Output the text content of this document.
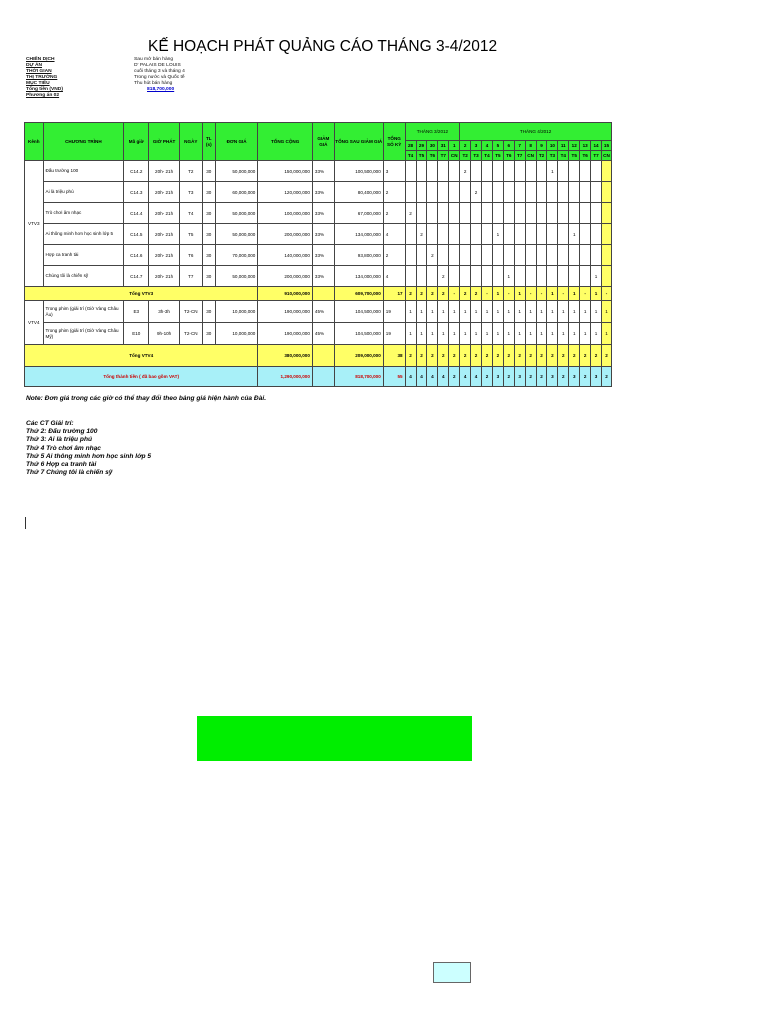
KẾ HOẠCH PHÁT QUẢNG CÁO THÁNG 3-4/2012
CHIẾN DỊCH	Sau mở bán hàng
DỰ ÁN	D' PALAIS DE LOUIS
THỜI GIAN	cuối tháng 3 và tháng 4
THỊ TRƯỜNG	Trong nước và Quốc tế
MỤC TIÊU	Thu hút bán hàng
Tổng tiền (VND)	818,700,000
Phương án 02
Kênh	CHƯƠNG TRÌNH	Mã giờ	GIỜ PHÁT	NGÀY	TL (s)	ĐƠN GIÁ	TỔNG CỘNG	GIẢM GIÁ	TỔNG SAU GIẢM GIÁ	TỔNG SỐ KỲ	THÁNG 3/2012					THÁNG 4/2012													
											28	29	30	31	1	2	3	4	5	6	7	8	9	10	11	12	13	14	15
											T4	T5	T6	T7	CN	T2	T3	T4	T5	T6	T7	CN	T2	T3	T4	T5	T6	T7	CN
VTV3	Đấu trường 100	C14.2	20h- 21h	T2	30	50,000,000	150,000,000	33%	100,500,000	3						2								1					
	Ai là triệu phú	C14.3	20h- 21h	T3	30	60,000,000	120,000,000	33%	80,400,000	2							2												
	Trò chơi âm nhạc	C14.4	20h- 21h	T4	30	50,000,000	100,000,000	33%	67,000,000	2	2																		
	Ai thông minh hơn học sinh lớp 5	C14.5	20h- 21h	T5	30	50,000,000	200,000,000	33%	134,000,000	4		2							1							1			
	Hợp ca tranh tài	C14.6	20h- 21h	T6	30	70,000,000	140,000,000	33%	93,800,000	2			2																
	Chúng tôi là chiến sỹ	C14.7	20h- 21h	T7	30	50,000,000	200,000,000	33%	134,000,000	4				2						1								1	
Tổng VTV3							910,000,000		609,700,000	17	2	2	2	2	-	2	2	-	1	-	1	-	-	1	-	1	-	1	-
VTV4	Trong phim (giải trí (Giờ Vàng Châu Âu)	E3	3h-3h	T2-CN	30	10,000,000	190,000,000	45%	104,500,000	19	1	1	1	1	1	1	1	1	1	1	1	1	1	1	1	1	1	1	1
	Trong phim (giải trí (Giờ Vàng Châu Mỹ)	E10	9h-10h	T2-CN	30	10,000,000	190,000,000	45%	104,500,000	19	1	1	1	1	1	1	1	1	1	1	1	1	1	1	1	1	1	1	1
Tổng VTV4							380,000,000		209,000,000	38	2	2	2	2	2	2	2	2	2	2	2	2	2	2	2	2	2	2	2
Tổng thành tiền ( đã bao gồm VAT)							1,290,000,000		818,700,000	55	4	4	4	4	2	4	4	2	3	2	3	2	2	3	2	3	2	3	2
Note: Đơn giá trong các giờ có thể thay đổi theo bảng giá hiện hành của Đài.
Các CT Giải trí:
Thứ 2: Đấu trường 100
Thứ 3: Ai là triệu phú
Thứ 4 Trò chơi âm nhạc
Thứ 5 Ai thông minh hơn học sinh lớp 5
Thứ 6 Hợp ca tranh tài
Thứ 7 Chúng tôi là chiến sỹ
